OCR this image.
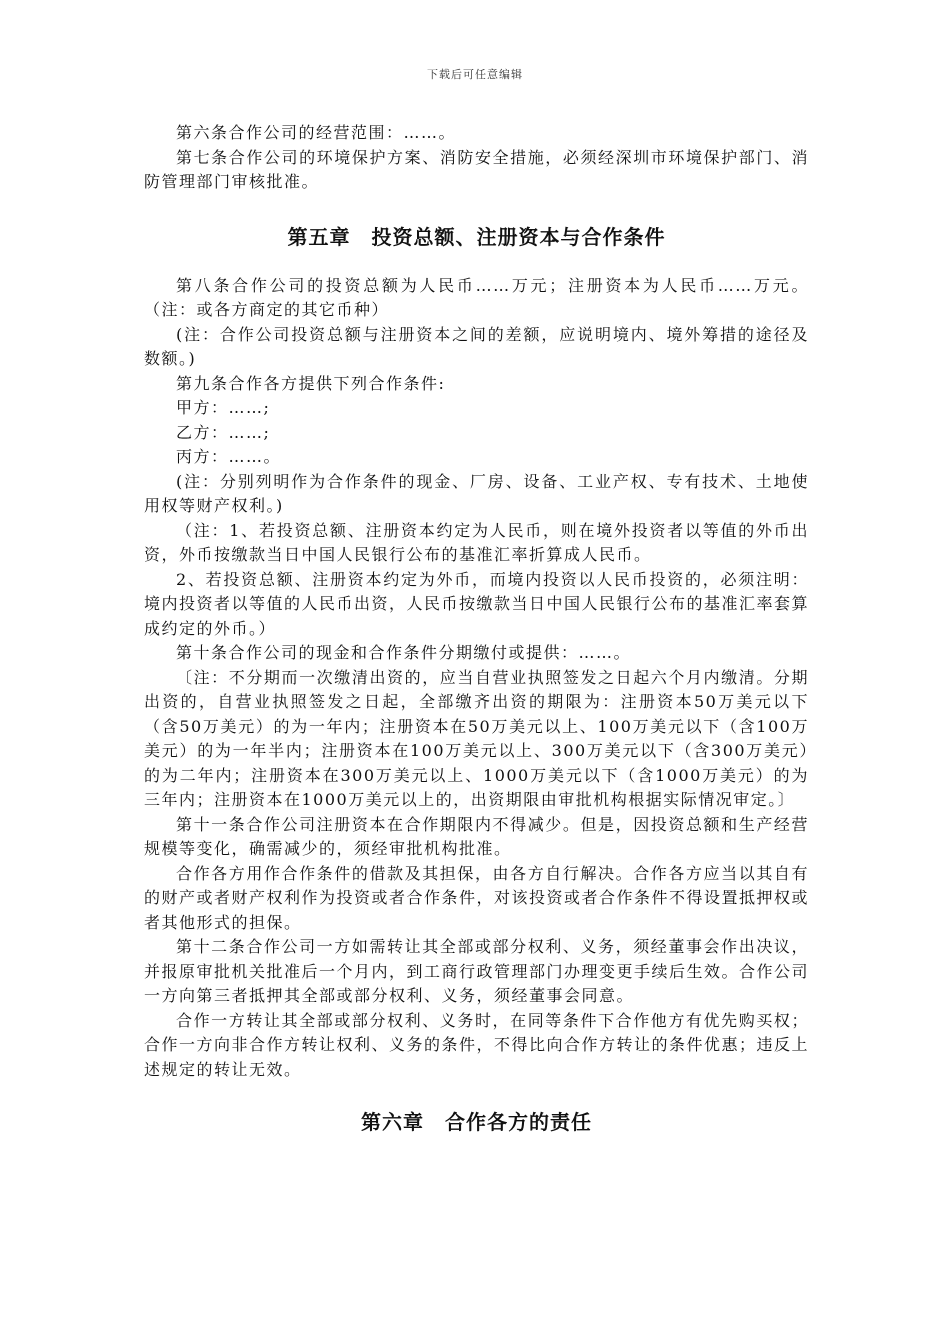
下载后可任意编辑

第六条合作公司的经营范围：……。

第七条合作公司的环境保护方案、消防安全措施，必须经深圳市环境保护部门、消防管理部门审核批准。

第五章　投资总额、注册资本与合作条件

第八条合作公司的投资总额为人民币……万元；注册资本为人民币……万元。（注：或各方商定的其它币种）

(注：合作公司投资总额与注册资本之间的差额，应说明境内、境外筹措的途径及数额。)

第九条合作各方提供下列合作条件:

甲方：……;

乙方：……;

丙方：……。

(注：分别列明作为合作条件的现金、厂房、设备、工业产权、专有技术、土地使用权等财产权利。)

（注：1、若投资总额、注册资本约定为人民币，则在境外投资者以等值的外币出资，外币按缴款当日中国人民银行公布的基准汇率折算成人民币。

2、若投资总额、注册资本约定为外币，而境内投资以人民币投资的，必须注明：境内投资者以等值的人民币出资，人民币按缴款当日中国人民银行公布的基准汇率套算成约定的外币。）

第十条合作公司的现金和合作条件分期缴付或提供：……。

〔注：不分期而一次缴清出资的，应当自营业执照签发之日起六个月内缴清。分期出资的，自营业执照签发之日起，全部缴齐出资的期限为：注册资本50万美元以下（含50万美元）的为一年内；注册资本在50万美元以上、100万美元以下（含100万美元）的为一年半内；注册资本在100万美元以上、300万美元以下（含300万美元）的为二年内；注册资本在300万美元以上、1000万美元以下（含1000万美元）的为三年内；注册资本在1000万美元以上的，出资期限由审批机构根据实际情况审定。〕

第十一条合作公司注册资本在合作期限内不得减少。但是，因投资总额和生产经营规模等变化，确需减少的，须经审批机构批准。

合作各方用作合作条件的借款及其担保，由各方自行解决。合作各方应当以其自有的财产或者财产权利作为投资或者合作条件，对该投资或者合作条件不得设置抵押权或者其他形式的担保。

第十二条合作公司一方如需转让其全部或部分权利、义务，须经董事会作出决议，并报原审批机关批准后一个月内，到工商行政管理部门办理变更手续后生效。合作公司一方向第三者抵押其全部或部分权利、义务，须经董事会同意。

合作一方转让其全部或部分权利、义务时，在同等条件下合作他方有优先购买权；合作一方向非合作方转让权利、义务的条件，不得比向合作方转让的条件优惠；违反上述规定的转让无效。

第六章　合作各方的责任
